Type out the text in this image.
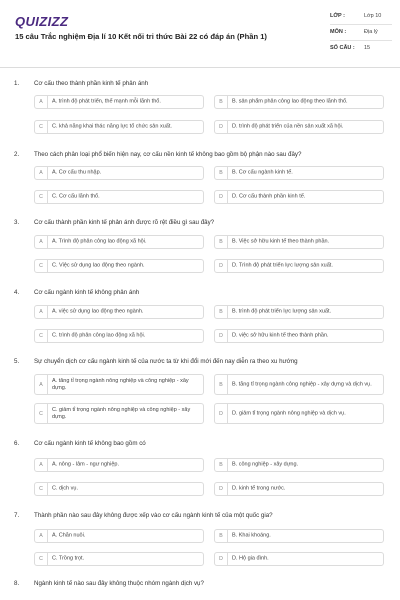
QUIZIZZ
15 câu Trắc nghiệm Địa lí 10 Kết nối tri thức Bài 22 có đáp án (Phần 1)
LỚP :	Lớp 10
MÔN :	Địa lý
SỐ CÂU : 15
1. Cơ cấu theo thành phần kinh tế phản ánh
A	A. trình độ phát triển, thế mạnh mỗi lãnh thổ.	B	B. sản phẩm phân công lao động theo lãnh thổ.
C	C. khả năng khai thác năng lực tổ chức sản xuất.	D	D. trình độ phát triển của nền sản xuất xã hội.
2. Theo cách phân loại phổ biến hiện nay, cơ cấu nền kinh tế không bao gồm bộ phận nào sau đây?
A	A. Cơ cấu thu nhập.	B	B. Cơ cấu ngành kinh tế.
C	C. Cơ cấu lãnh thổ.	D	D. Cơ cấu thành phần kinh tế.
3. Cơ cấu thành phần kinh tế phản ánh được rõ rệt điều gì sau đây?
A	A. Trình độ phân công lao động xã hội.	B	B. Việc sở hữu kinh tế theo thành phần.
C	C. Việc sử dụng lao động theo ngành.	D	D. Trình độ phát triển lực lượng sản xuất.
4. Cơ cấu ngành kinh tế không phản ánh
A	A. việc sử dụng lao động theo ngành.	B	B. trình độ phát triển lực lượng sản xuất.
C	C. trình độ phân công lao động xã hội.	D	D. việc sở hữu kinh tế theo thành phần.
5. Sự chuyển dịch cơ cấu ngành kinh tế của nước ta từ khi đổi mới đến nay diễn ra theo xu hướng
A
A. tăng tỉ trọng ngành nông nghiệp và công nghiệp - xây dựng.	B	B. tăng tỉ trọng ngành công nghiệp - xây dựng và dịch vụ.
C
C. giảm tỉ trọng ngành nông nghiệp và công nghiệp - xây dựng.	D	D. giảm tỉ trọng ngành nông nghiệp và dịch vụ.
6. Cơ cấu ngành kinh tế không bao gồm có
A	A. nông - lâm - ngư nghiệp.	B	B. công nghiệp - xây dựng.
C	C. dịch vụ.	D	D. kinh tế trong nước.
7. Thành phần nào sau đây không được xếp vào cơ cấu ngành kinh tế của một quốc gia?
A	A. Chăn nuôi.	B	B. Khai khoáng.
C	C. Trồng trọt.	D	D. Hộ gia đình.
8. Ngành kinh tế nào sau đây không thuộc nhóm ngành dịch vụ?
